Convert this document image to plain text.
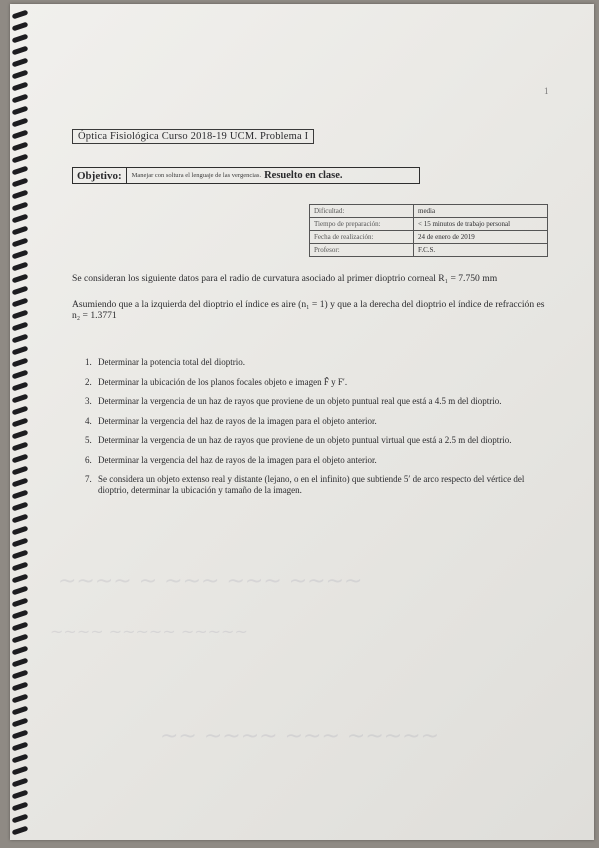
1
~~~~ ~ ~~~ ~~~ ~~~~
~~~~ ~~~~~ ~~~~~
~~ ~~~~ ~~~ ~~~~~
Óptica Fisiológica Curso 2018-19 UCM. Problema I
Objetivo:	Manejar con soltura el lenguaje de las vergencias. Resuelto en clase.
Dificultad:	media
Tiempo de preparación:	< 15 minutos de trabajo personal
Fecha de realización:	24 de enero de 2019
Profesor:	F.C.S.
Se consideran los siguiente datos para el radio de curvatura asociado al primer dioptrio corneal R₁ = 7.750 mm
Asumiendo que a la izquierda del dioptrio el índice es aire (n₁ = 1) y que a la derecha del dioptrio el índice de refracción es n₂ = 1.3771
1. Determinar la potencia total del dioptrio.
2. Determinar la ubicación de los planos focales objeto e imagen F̂ y F′.
3. Determinar la vergencia de un haz de rayos que proviene de un objeto puntual real que está a 4.5 m del dioptrio.
4. Determinar la vergencia del haz de rayos de la imagen para el objeto anterior.
5. Determinar la vergencia de un haz de rayos que proviene de un objeto puntual virtual que está a 2.5 m del dioptrio.
6. Determinar la vergencia del haz de rayos de la imagen para el objeto anterior.
7. Se considera un objeto extenso real y distante (lejano, o en el infinito) que subtiende 5′ de arco respecto del vértice del dioptrio, determinar la ubicación y tamaño de la imagen.
